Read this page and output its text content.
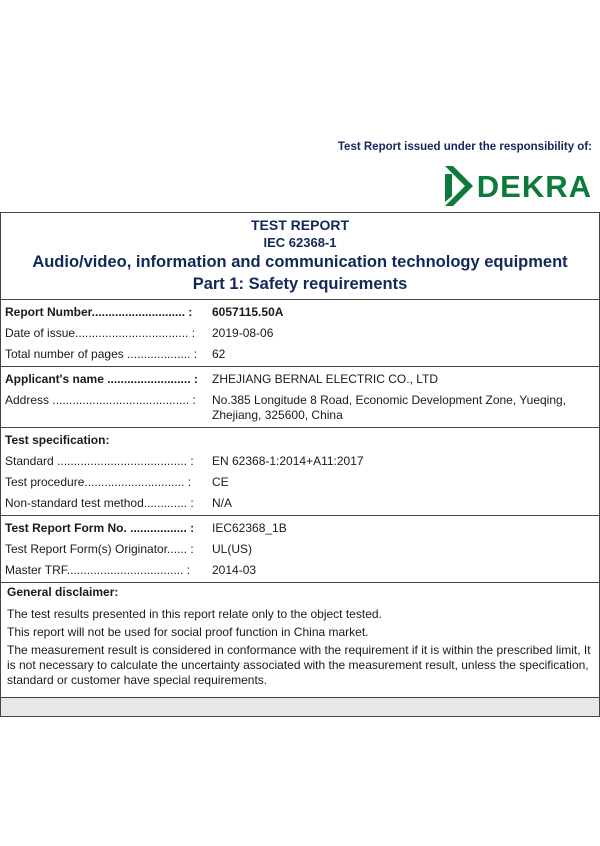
Test Report issued under the responsibility of:
DEKRA
TEST REPORT
IEC 62368-1
Audio/video, information and communication technology equipment
Part 1: Safety requirements
Report Number............................ :	6057115.50A
Date of issue.................................. :	2019-08-06
Total number of pages ................... :	62
Applicant's name ......................... :	ZHEJIANG BERNAL ELECTRIC CO., LTD
Address ......................................... :	No.385 Longitude 8 Road, Economic Development Zone, Yueqing, Zhejiang, 325600, China
Test specification:
Standard ....................................... :	EN 62368-1:2014+A11:2017
Test procedure.............................. :	CE
Non-standard test method............. :	N/A
Test Report Form No. ................. :	IEC62368_1B
Test Report Form(s) Originator...... :	UL(US)
Master TRF................................... :	2014-03

General disclaimer:

The test results presented in this report relate only to the object tested.

This report will not be used for social proof function in China market.

The measurement result is considered in conformance with the requirement if it is within the prescribed limit, It is not necessary to calculate the uncertainty associated with the measurement result, unless the specification, standard or customer have special requirements.
